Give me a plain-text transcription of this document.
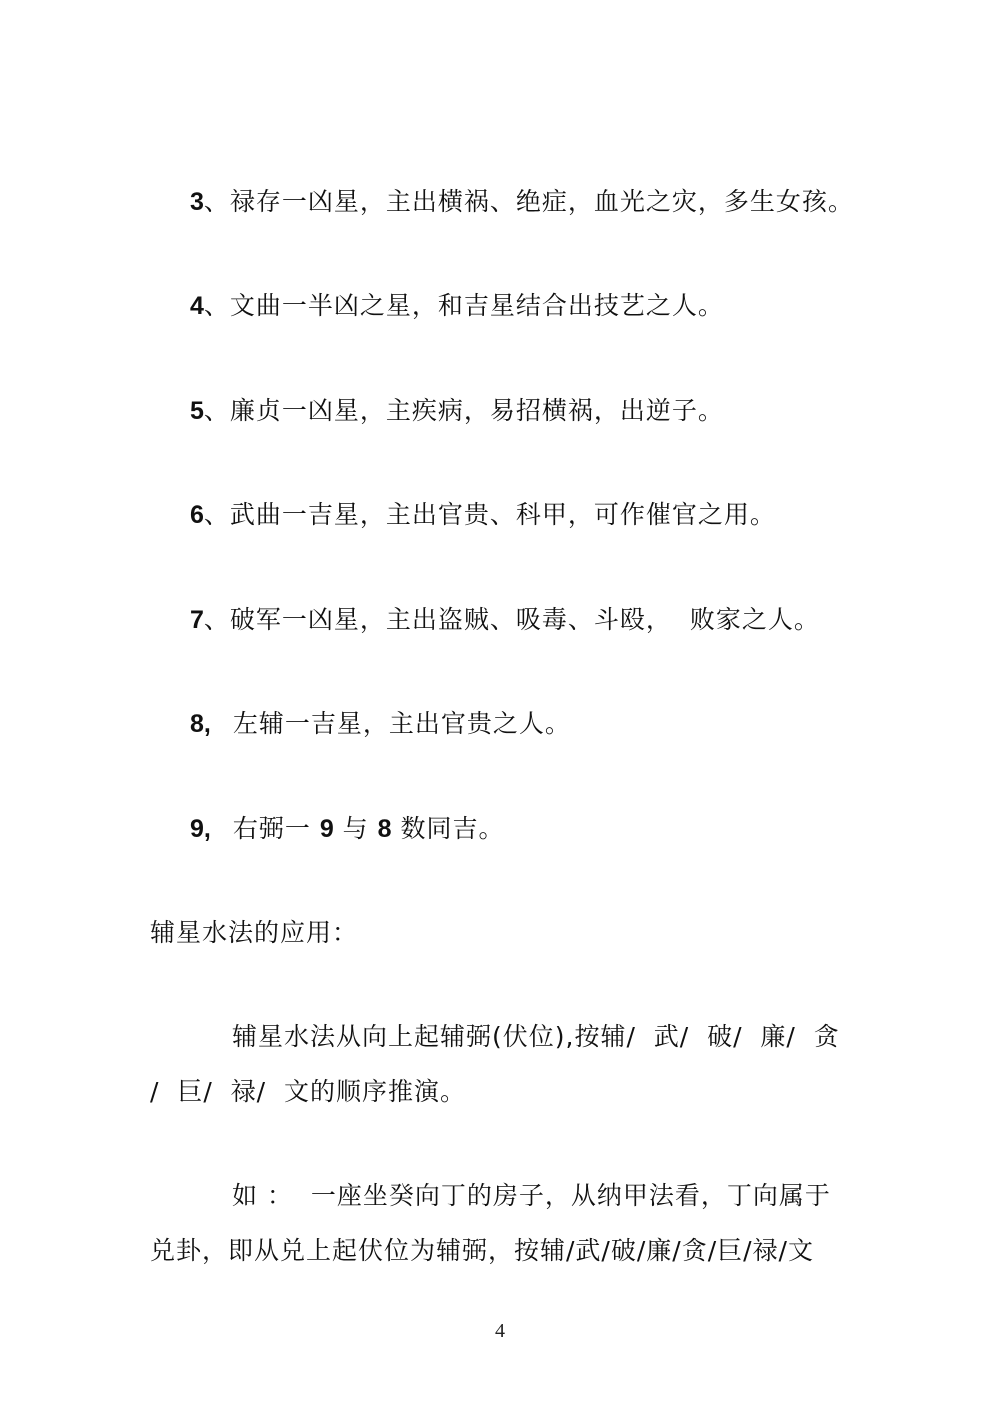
3、禄存一凶星，主出横祸、绝症，血光之灾，多生女孩。
4、文曲一半凶之星，和吉星结合出技艺之人。
5、廉贞一凶星，主疾病，易招横祸，出逆子。
6、武曲一吉星，主出官贵、科甲，可作催官之用。
7、破军一凶星，主出盗贼、吸毒、斗殴，  败家之人。
8, 左辅一吉星，主出官贵之人。
9, 右弼一 9 与 8 数同吉。
辅星水法的应用：
辅星水法从向上起辅弼(伏位),按辅/  武/  破/  廉/  贪
/  巨/  禄/  文的顺序推演。
如 ：  一座坐癸向丁的房子，从纳甲法看，丁向属于
兑卦，即从兑上起伏位为辅弼，按辅/武/破/廉/贪/巨/禄/文
4
